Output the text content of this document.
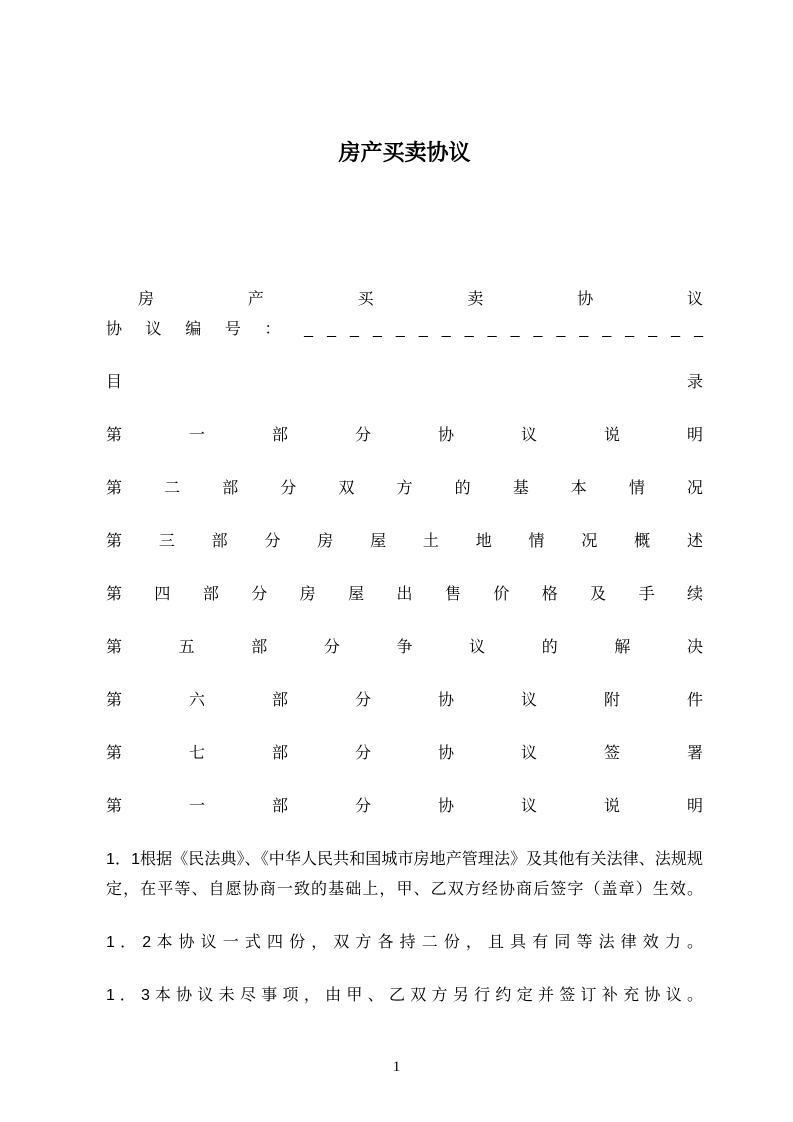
房产买卖协议

房 产 买 卖 协 议

协 议 编 号 ： _ _ _ _ _ _ _ _ _ _ _ _ _ _ _ _ _ _

目 录

第 一 部 分 协 议 说 明

第 二 部 分 双 方 的 基 本 情 况

第 三 部 分 房 屋 土 地 情 况 概 述

第 四 部 分 房 屋 出 售 价 格 及 手 续

第 五 部 分 争 议 的 解 决

第 六 部 分 协 议 附 件

第 七 部 分 协 议 签 署

第 一 部 分 协 议 说 明

1．1根据《民法典》、《中华人民共和国城市房地产管理法》及其他有关法律、法规规定，在平等、自愿协商一致的基础上，甲、乙双方经协商后签字（盖章）生效。

1 ． 2 本 协 议 一 式 四 份 ， 双 方 各 持 二 份 ， 且 具 有 同 等 法 律 效 力 。

1 ． 3 本 协 议 未 尽 事 项 ， 由 甲 、 乙 双 方 另 行 约 定 并 签 订 补 充 协 议 。

1
